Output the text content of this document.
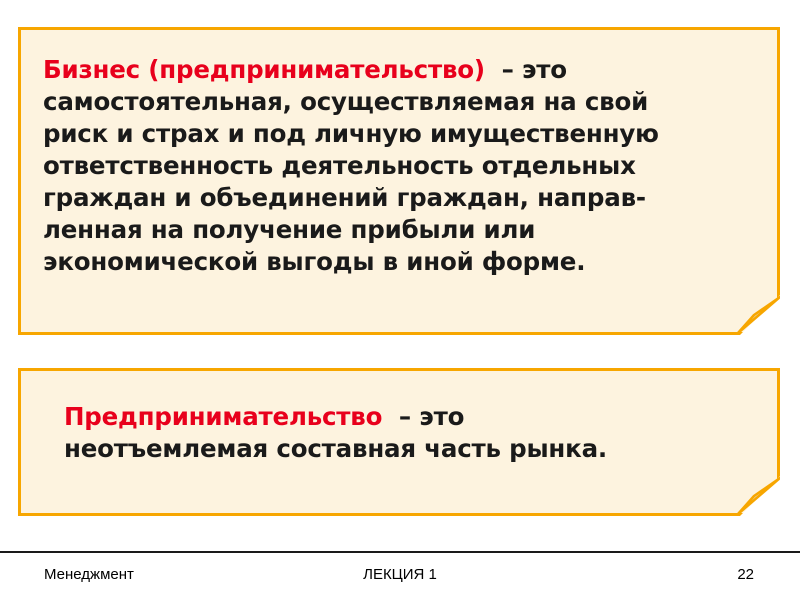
Бизнес (предпринимательство) – это
самостоятельная, осуществляемая на свой
риск и страх и под личную имущественную
ответственность деятельность отдельных
граждан и объединений граждан, направ-
ленная на получение прибыли или
экономической выгоды в иной форме.
Предпринимательство – это
неотъемлемая составная часть рынка.
Менеджмент	ЛЕКЦИЯ 1	22
